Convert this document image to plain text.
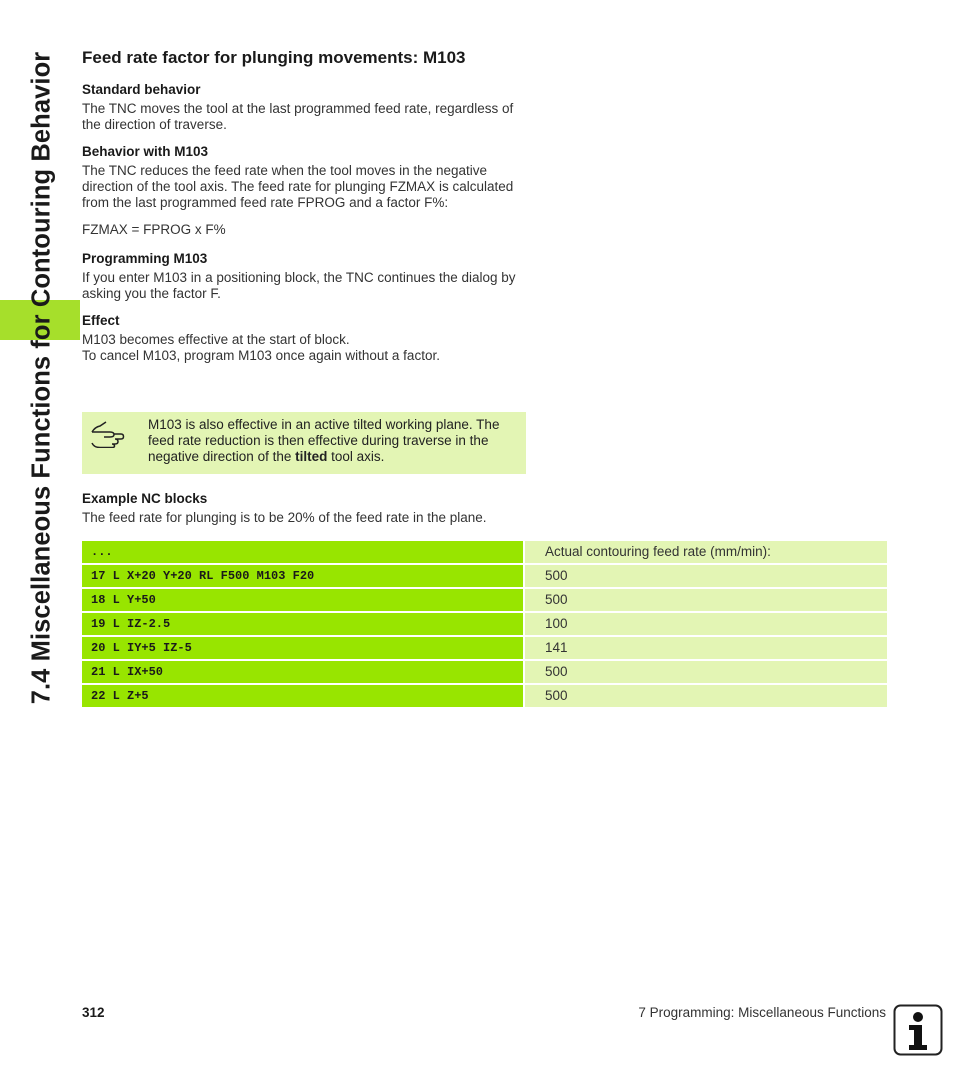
7.4 Miscellaneous Functions for Contouring Behavior Feed rate factor for plunging movements: M103
Standard behavior

The TNC moves the tool at the last programmed feed rate, regardless of the direction of traverse.

Behavior with M103

The TNC reduces the feed rate when the tool moves in the negative direction of the tool axis. The feed rate for plunging FZMAX is calculated from the last programmed feed rate FPROG and a factor F%:

FZMAX = FPROG x F%

Programming M103

If you enter M103 in a positioning block, the TNC continues the dialog by asking you the factor F.

Effect

M103 becomes effective at the start of block.
To cancel M103, program M103 once again without a factor.

M103 is also effective in an active tilted working plane. The feed rate reduction is then effective during traverse in the negative direction of the tilted tool axis.
Example NC blocks

The feed rate for plunging is to be 20% of the feed rate in the plane.

...	Actual contouring feed rate (mm/min):
17 L X+20 Y+20 RL F500 M103 F20	500
18 L Y+50	500
19 L IZ-2.5	100
20 L IY+5 IZ-5	141
21 L IX+50	500
22 L Z+5	500
312	7 Programming: Miscellaneous Functions
